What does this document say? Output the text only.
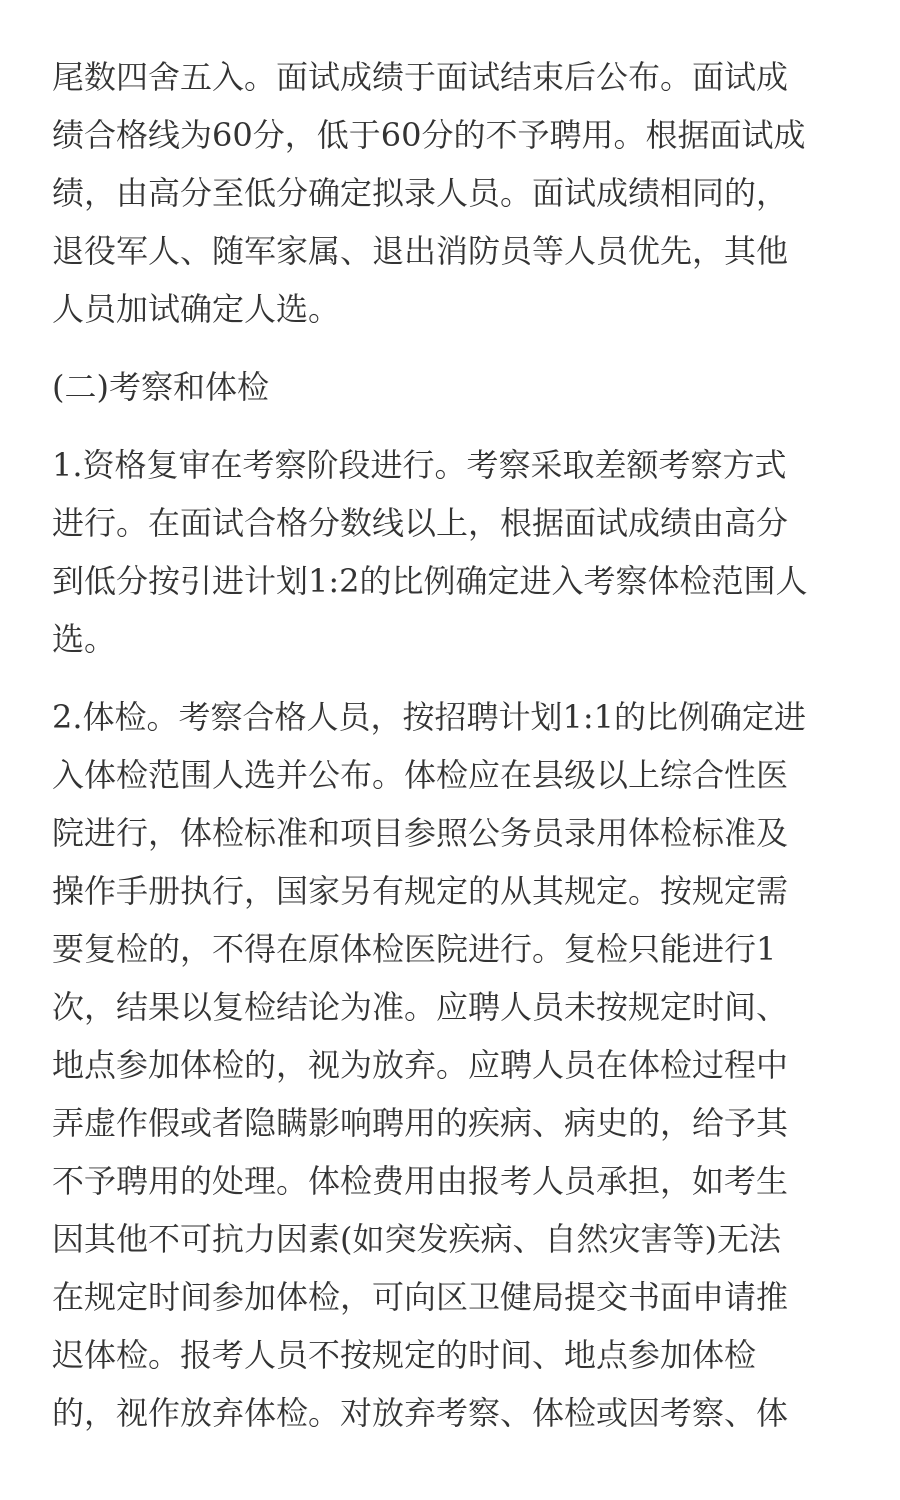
尾数四舍五入。面试成绩于面试结束后公布。面试成
绩合格线为60分，低于60分的不予聘用。根据面试成
绩，由高分至低分确定拟录人员。面试成绩相同的，
退役军人、随军家属、退出消防员等人员优先，其他
人员加试确定人选。

(二)考察和体检

1.资格复审在考察阶段进行。考察采取差额考察方式
进行。在面试合格分数线以上，根据面试成绩由高分
到低分按引进计划1:2的比例确定进入考察体检范围人
选。

2.体检。考察合格人员，按招聘计划1:1的比例确定进
入体检范围人选并公布。体检应在县级以上综合性医
院进行，体检标准和项目参照公务员录用体检标准及
操作手册执行，国家另有规定的从其规定。按规定需
要复检的，不得在原体检医院进行。复检只能进行1
次，结果以复检结论为准。应聘人员未按规定时间、
地点参加体检的，视为放弃。应聘人员在体检过程中
弄虚作假或者隐瞒影响聘用的疾病、病史的，给予其
不予聘用的处理。体检费用由报考人员承担，如考生
因其他不可抗力因素(如突发疾病、自然灾害等)无法
在规定时间参加体检，可向区卫健局提交书面申请推
迟体检。报考人员不按规定的时间、地点参加体检
的，视作放弃体检。对放弃考察、体检或因考察、体
